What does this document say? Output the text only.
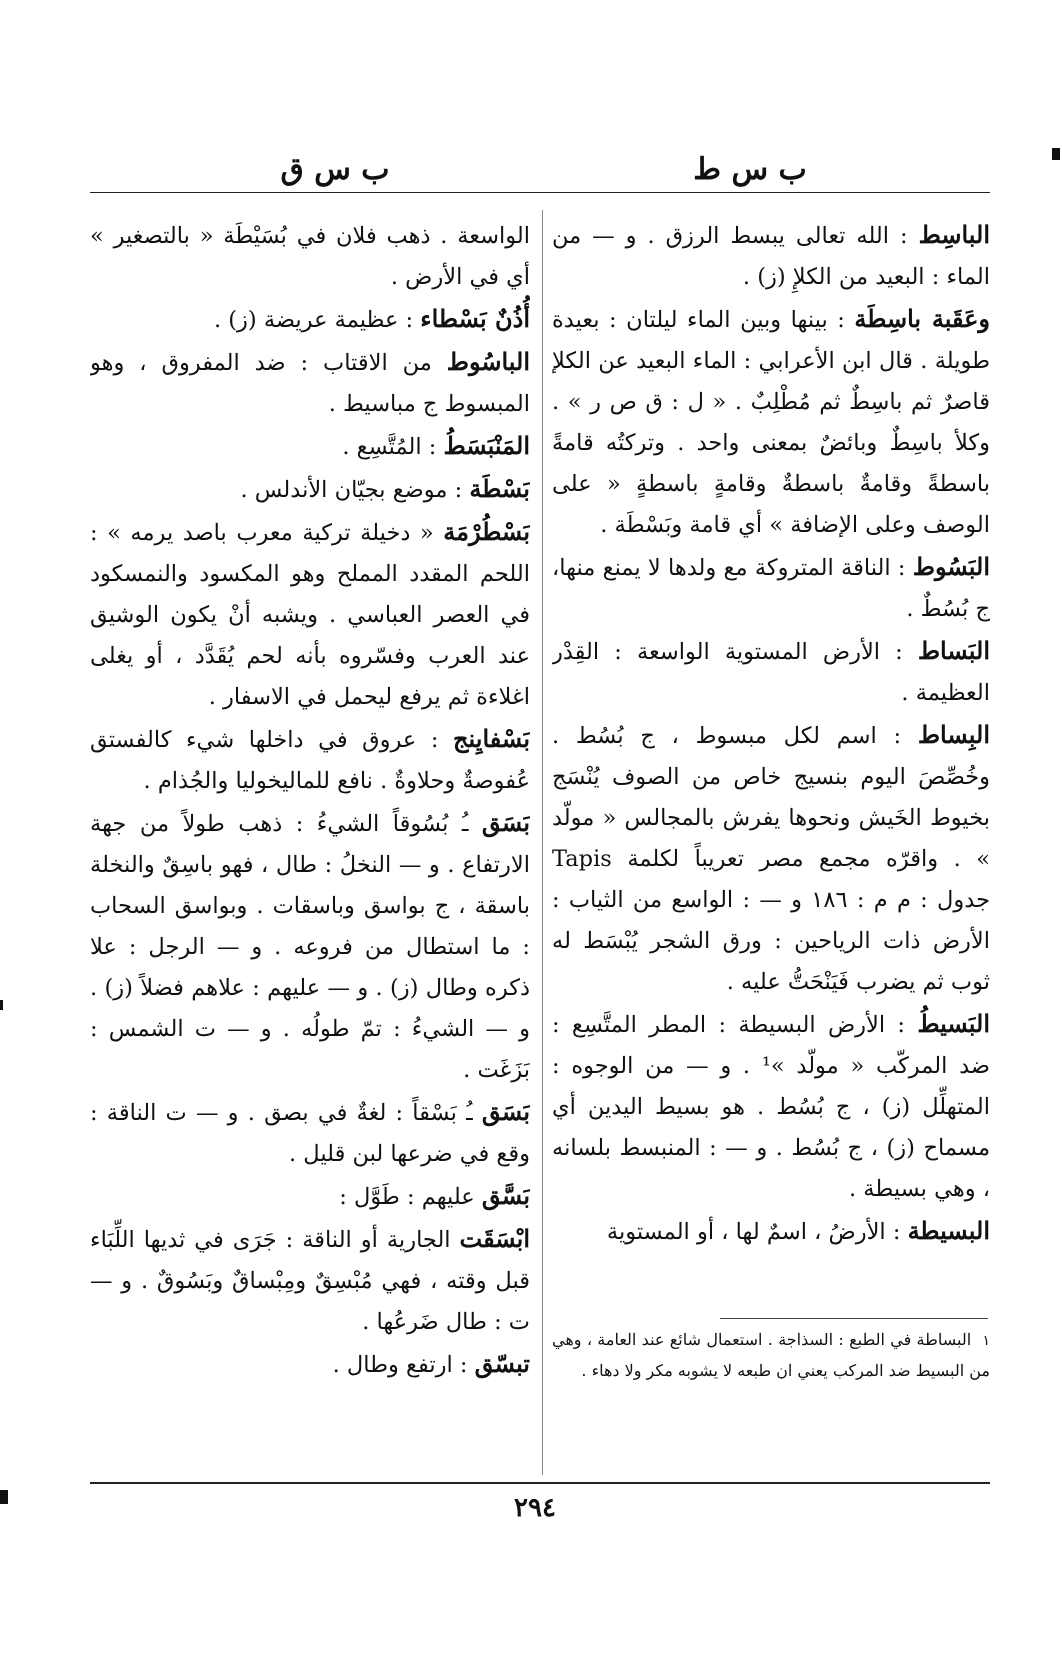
ب س ط
ب س ق

الباسِط : الله تعالى يبسط الرزق . و — من الماء : البعيد من الكلإِ (ز) .

وعَقَبة باسِطَة : بينها وبين الماء ليلتان : بعيدة طويلة . قال ابن الأعرابي : الماء البعيد عن الكلإ قاصرٌ ثم باسِطٌ ثم مُطْلِبٌ . « ل : ق ص ر » . وكلأ باسِطٌ وبائضٌ بمعنى واحد . وتركتُه قامةً باسطةً وقامةٌ باسطةٌ وقامةٍ باسطةٍ « على الوصف وعلى الإضافة » أي قامة وبَسْطَة .

البَسُوط : الناقة المتروكة مع ولدها لا يمنع منها، ج بُسُطٌ .

البَساط : الأرض المستوية الواسعة : القِدْر العظيمة .

البِساط : اسم لكل مبسوط ، ج بُسُط . وخُصِّصَ اليوم بنسيج خاص من الصوف يُنْسَج بخيوط الخَيش ونحوها يفرش بالمجالس « مولّد » . واقرّه مجمع مصر تعريباً لكلمة Tapis جدول : م م : ١٨٦ و — : الواسع من الثياب : الأرض ذات الرياحين : ورق الشجر يُبْسَط له ثوب ثم يضرب فَيَنْحَتُّ عليه .

البَسيطُ : الأرض البسيطة : المطر المتَّسِع : ضد المركّب « مولّد »¹ . و — من الوجوه : المتهلِّل (ز) ، ج بُسُط . هو بسيط اليدين أي مسماح (ز) ، ج بُسُط . و — : المنبسط بلسانه ، وهي بسيطة .

البسيطة : الأرضُ ، اسمٌ لها ، أو المستوية

١ البساطة في الطبع : السذاجة . استعمال شائع عند العامة ، وهي من البسيط ضد المركب يعني ان طبعه لا يشوبه مكر ولا دهاء .

الواسعة . ذهب فلان في بُسَيْطَة « بالتصغير » أي في الأرض .

أُذُنٌ بَسْطاء : عظيمة عريضة (ز) .

الباسُوط من الاقتاب : ضد المفروق ، وهو المبسوط ج مباسيط .

المَنْبَسَطُ : المُتَّسِع .

بَسْطَة : موضع بجيّان الأندلس .

بَسْطُرْمَة « دخيلة تركية معرب باصد يرمه » : اللحم المقدد المملح وهو المكسود والنمسكود في العصر العباسي . ويشبه أنْ يكون الوشيق عند العرب وفسّروه بأنه لحم يُقَدَّد ، أو يغلى اغلاءة ثم يرفع ليحمل في الاسفار .

بَسْفايِنج : عروق في داخلها شيء كالفستق عُفوصةٌ وحلاوةٌ . نافع للماليخوليا والجُذام .

بَسَق ـُ بُسُوقاً الشيءُ : ذهب طولاً من جهة الارتفاع . و — النخلُ : طال ، فهو باسِقٌ والنخلة باسقة ، ج بواسق وباسقات . وبواسق السحاب : ما استطال من فروعه . و — الرجل : علا ذكره وطال (ز) . و — عليهم : علاهم فضلاً (ز) . و — الشيءُ : تمّ طولُه . و — ت الشمس : بَزَغَت .

بَسَق ـُ بَسْقاً : لغةٌ في بصق . و — ت الناقة : وقع في ضرعها لبن قليل .

بَسَّق عليهم : طَوَّل :

ابْسَقَت الجارية أو الناقة : جَرَى في ثديها اللِّبَاء قبل وقته ، فهي مُبْسِقٌ ومِبْساقٌ وبَسُوقٌ . و — ت : طال ضَرعُها .

تبسّق : ارتفع وطال .

٢٩٤
